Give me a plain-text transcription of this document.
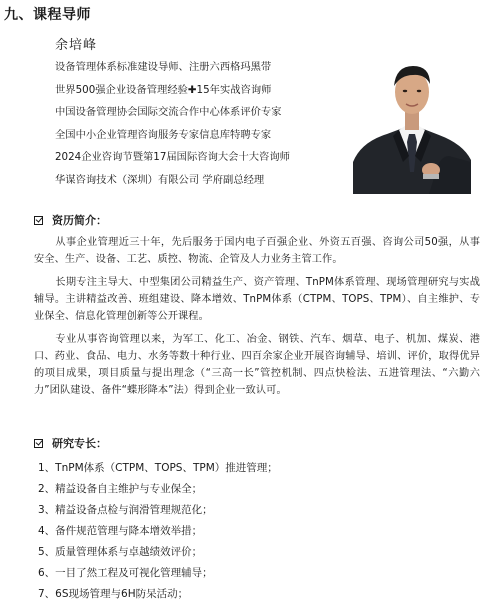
九、课程导师
余培峰
设备管理体系标准建设导师、注册六西格玛黑带
世界500强企业设备管理经验✚15年实战咨询师
中国设备管理协会国际交流合作中心体系评价专家
全国中小企业管理咨询服务专家信息库特聘专家
2024企业咨询节暨第17届国际咨询大会十大咨询师
华谋咨询技术（深圳）有限公司 学府副总经理
资历简介：
从事企业管理近三十年，先后服务于国内电子百强企业、外资五百强、咨询公司50强，从事安全、生产、设备、工艺、质控、物流、企管及人力业务主管工作。
长期专注主导大、中型集团公司精益生产、资产管理、TnPM体系管理、现场管理研究与实战辅导。主讲精益改善、班组建设、降本增效、TnPM体系（CTPM、TOPS、TPM）、自主维护、专业保全、信息化管理创新等公开课程。
专业从事咨询管理以来，为军工、化工、冶金、钢铁、汽车、烟草、电子、机加、煤炭、港口、药业、食品、电力、水务等数十种行业、四百余家企业开展咨询辅导、培训、评价，取得优异的项目成果，项目质量与提出理念（“三高一长”管控机制、四点快检法、五进管理法、“六勤六力”团队建设、备件“蝶形降本”法）得到企业一致认可。
研究专长：
1、TnPM体系（CTPM、TOPS、TPM）推进管理；
2、精益设备自主维护与专业保全；
3、精益设备点检与润滑管理规范化；
4、备件规范管理与降本增效举措；
5、质量管理体系与卓越绩效评价；
6、一目了然工程及可视化管理辅导；
7、6S现场管理与6H防呆活动；
